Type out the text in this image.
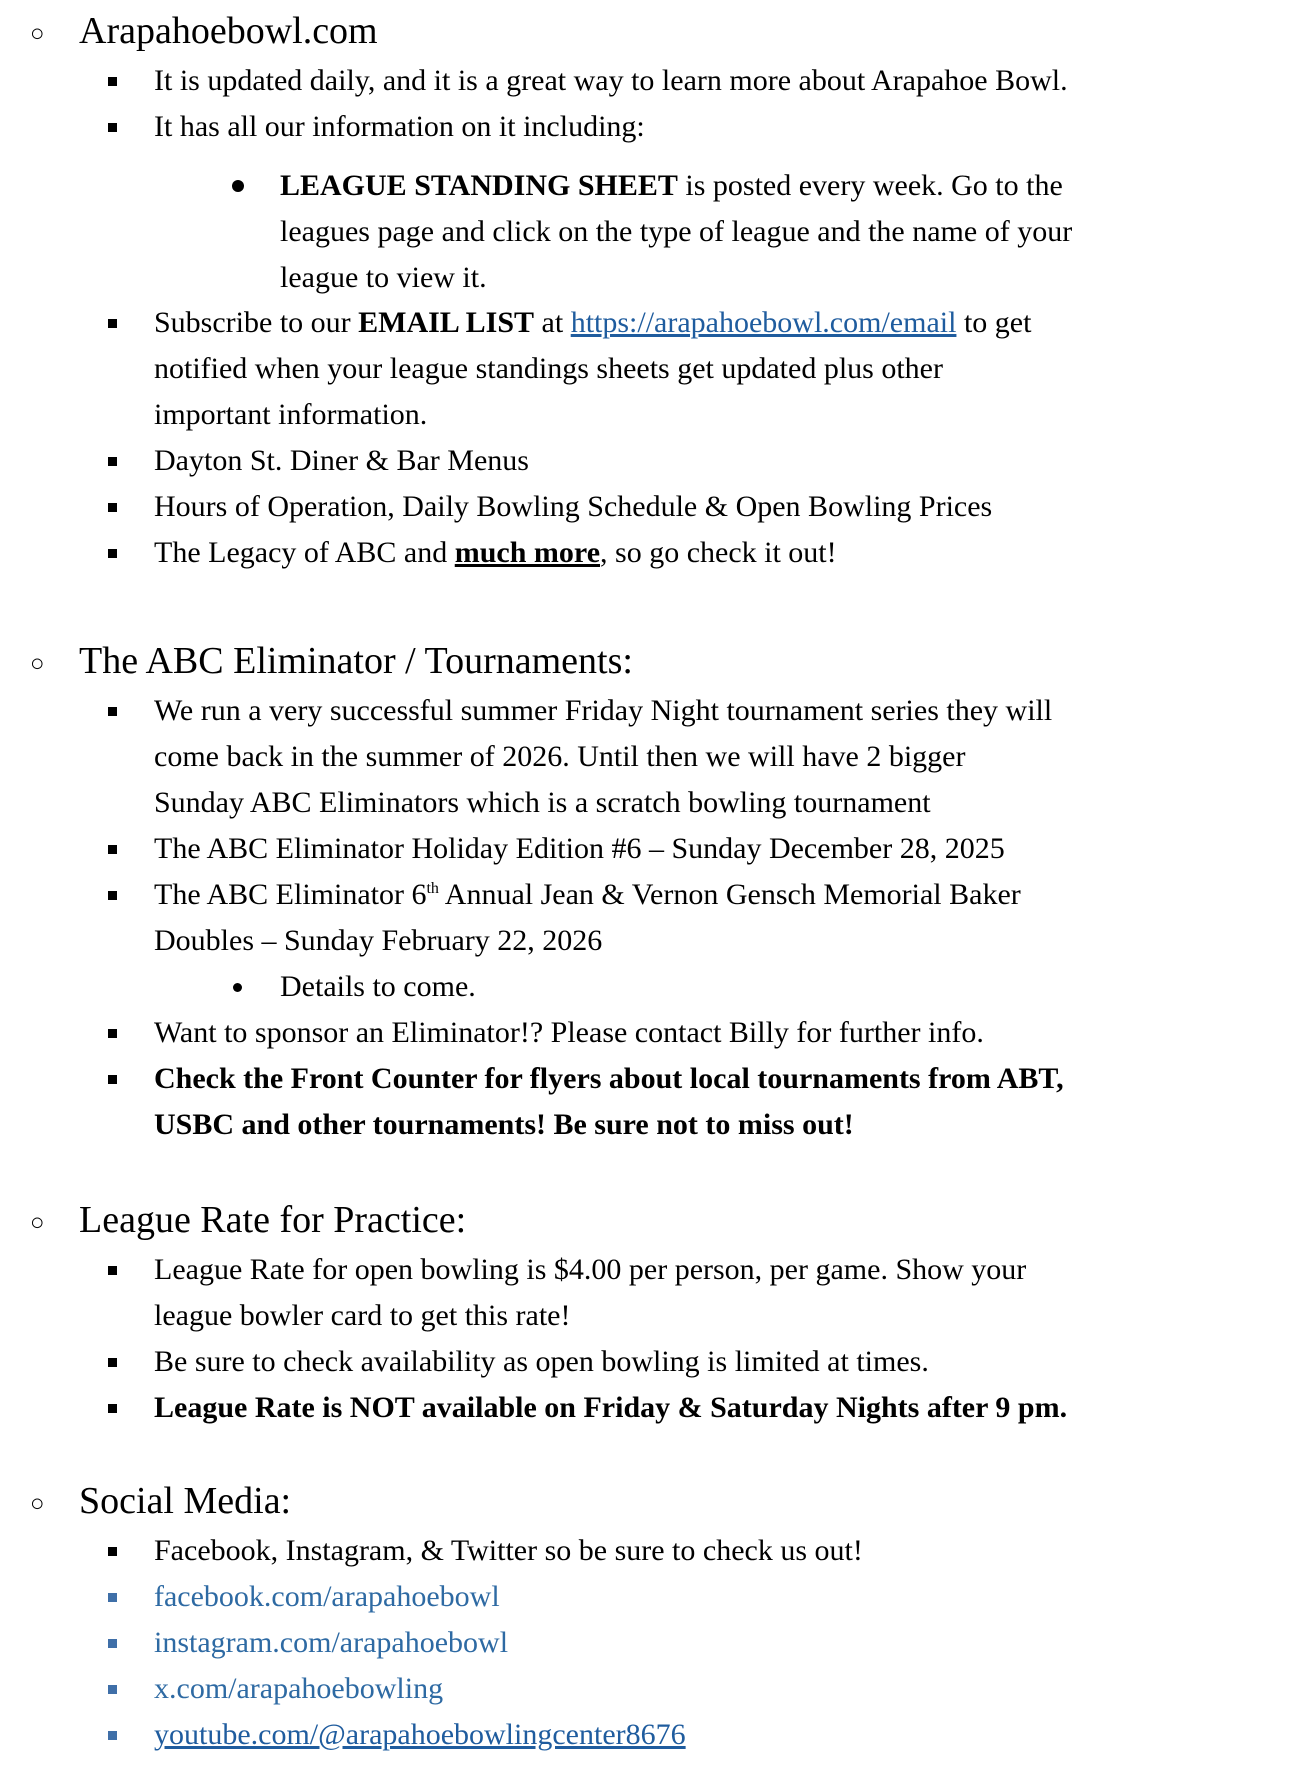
○ Arapahoebowl.com
It is updated daily, and it is a great way to learn more about Arapahoe Bowl.
It has all our information on it including:
LEAGUE STANDING SHEET is posted every week. Go to the
leagues page and click on the type of league and the name of your
league to view it.
Subscribe to our EMAIL LIST at https://arapahoebowl.com/email to get
notified when your league standings sheets get updated plus other
important information.
Dayton St. Diner & Bar Menus
Hours of Operation, Daily Bowling Schedule & Open Bowling Prices
The Legacy of ABC and much more, so go check it out!
○ The ABC Eliminator / Tournaments:
We run a very successful summer Friday Night tournament series they will
come back in the summer of 2026. Until then we will have 2 bigger
Sunday ABC Eliminators which is a scratch bowling tournament
The ABC Eliminator Holiday Edition #6 – Sunday December 28, 2025
The ABC Eliminator 6th Annual Jean & Vernon Gensch Memorial Baker
Doubles – Sunday February 22, 2026
Details to come.
Want to sponsor an Eliminator!? Please contact Billy for further info.
Check the Front Counter for flyers about local tournaments from ABT,
USBC and other tournaments! Be sure not to miss out!
○ League Rate for Practice:
League Rate for open bowling is $4.00 per person, per game. Show your
league bowler card to get this rate!
Be sure to check availability as open bowling is limited at times.
League Rate is NOT available on Friday & Saturday Nights after 9 pm.
○ Social Media:
Facebook, Instagram, & Twitter so be sure to check us out!
facebook.com/arapahoebowl
instagram.com/arapahoebowl
x.com/arapahoebowling
youtube.com/@arapahoebowlingcenter8676
